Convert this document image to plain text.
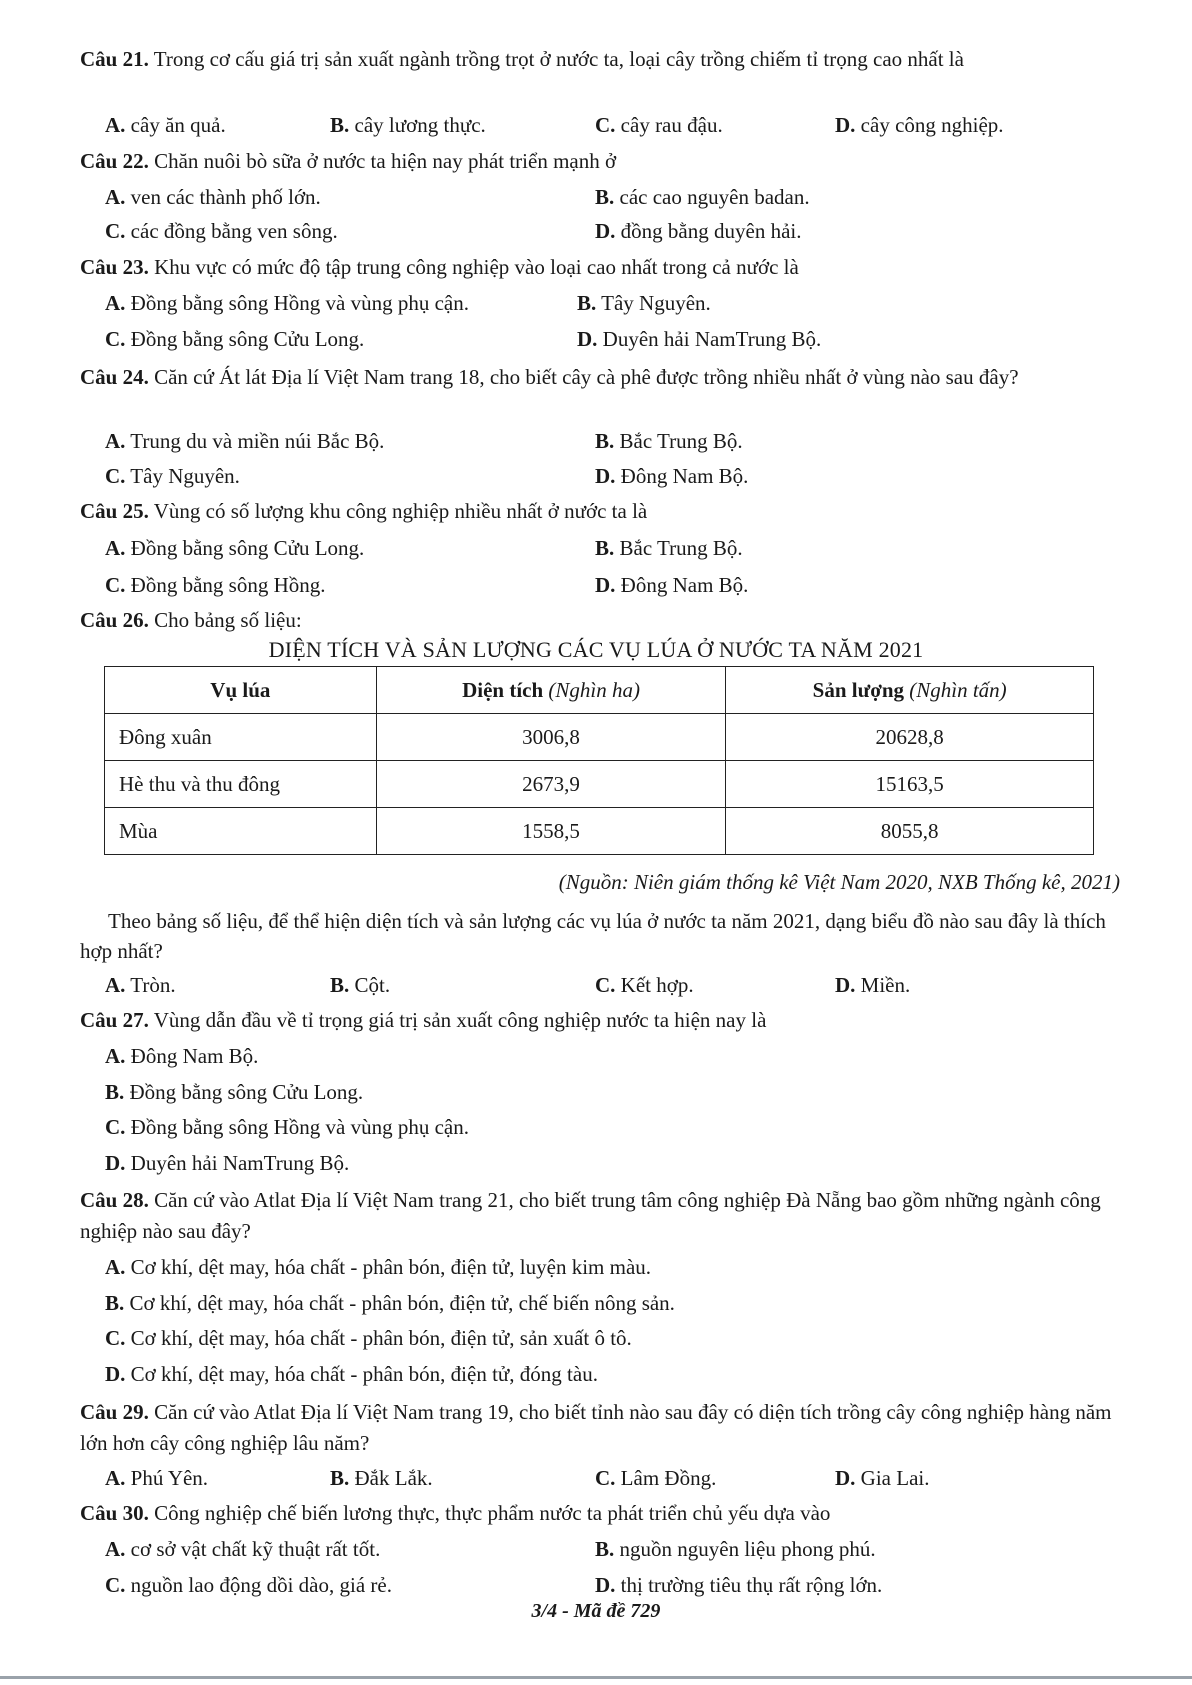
Câu 21. Trong cơ cấu giá trị sản xuất ngành trồng trọt ở nước ta, loại cây trồng chiếm tỉ trọng cao nhất là
A. cây ăn quả.	B. cây lương thực.	C. cây rau đậu.	D. cây công nghiệp.
Câu 22. Chăn nuôi bò sữa ở nước ta hiện nay phát triển mạnh ở
A. ven các thành phố lớn.	B. các cao nguyên badan.
C. các đồng bằng ven sông.	D. đồng bằng duyên hải.
Câu 23. Khu vực có mức độ tập trung công nghiệp vào loại cao nhất trong cả nước là
A. Đồng bằng sông Hồng và vùng phụ cận.	B. Tây Nguyên.
C. Đồng bằng sông Cửu Long.	D. Duyên hải NamTrung Bộ.
Câu 24. Căn cứ Át lát Địa lí Việt Nam trang 18, cho biết cây cà phê được trồng nhiều nhất ở vùng nào sau đây?
A. Trung du và miền núi Bắc Bộ.	B. Bắc Trung Bộ.
C. Tây Nguyên.	D. Đông Nam Bộ.
Câu 25. Vùng có số lượng khu công nghiệp nhiều nhất ở nước ta là
A. Đồng bằng sông Cửu Long.	B. Bắc Trung Bộ.
C. Đồng bằng sông Hồng.	D. Đông Nam Bộ.
Câu 26. Cho bảng số liệu:
DIỆN TÍCH VÀ SẢN LƯỢNG CÁC VỤ LÚA Ở NƯỚC TA NĂM 2021
Vụ lúa	Diện tích (Nghìn ha)	Sản lượng (Nghìn tấn)
Đông xuân	3006,8	20628,8
Hè thu và thu đông	2673,9	15163,5
Mùa	1558,5	8055,8
(Nguồn: Niên giám thống kê Việt Nam 2020, NXB Thống kê, 2021)
Theo bảng số liệu, để thể hiện diện tích và sản lượng các vụ lúa ở nước ta năm 2021, dạng biểu đồ nào sau đây là thích hợp nhất?
A. Tròn.	B. Cột.	C. Kết hợp.	D. Miền.
Câu 27. Vùng dẫn đầu về tỉ trọng giá trị sản xuất công nghiệp nước ta hiện nay là
A. Đông Nam Bộ.
B. Đồng bằng sông Cửu Long.
C. Đồng bằng sông Hồng và vùng phụ cận.
D. Duyên hải NamTrung Bộ.
Câu 28. Căn cứ vào Atlat Địa lí Việt Nam trang 21, cho biết trung tâm công nghiệp Đà Nẵng bao gồm những ngành công nghiệp nào sau đây?
A. Cơ khí, dệt may, hóa chất - phân bón, điện tử, luyện kim màu.
B. Cơ khí, dệt may, hóa chất - phân bón, điện tử, chế biến nông sản.
C. Cơ khí, dệt may, hóa chất - phân bón, điện tử, sản xuất ô tô.
D. Cơ khí, dệt may, hóa chất - phân bón, điện tử, đóng tàu.
Câu 29. Căn cứ vào Atlat Địa lí Việt Nam trang 19, cho biết tỉnh nào sau đây có diện tích trồng cây công nghiệp hàng năm lớn hơn cây công nghiệp lâu năm?
A. Phú Yên.	B. Đắk Lắk.	C. Lâm Đồng.	D. Gia Lai.
Câu 30. Công nghiệp chế biến lương thực, thực phẩm nước ta phát triển chủ yếu dựa vào
A. cơ sở vật chất kỹ thuật rất tốt.	B. nguồn nguyên liệu phong phú.
C. nguồn lao động dồi dào, giá rẻ.	D. thị trường tiêu thụ rất rộng lớn.
3/4 - Mã đề 729
